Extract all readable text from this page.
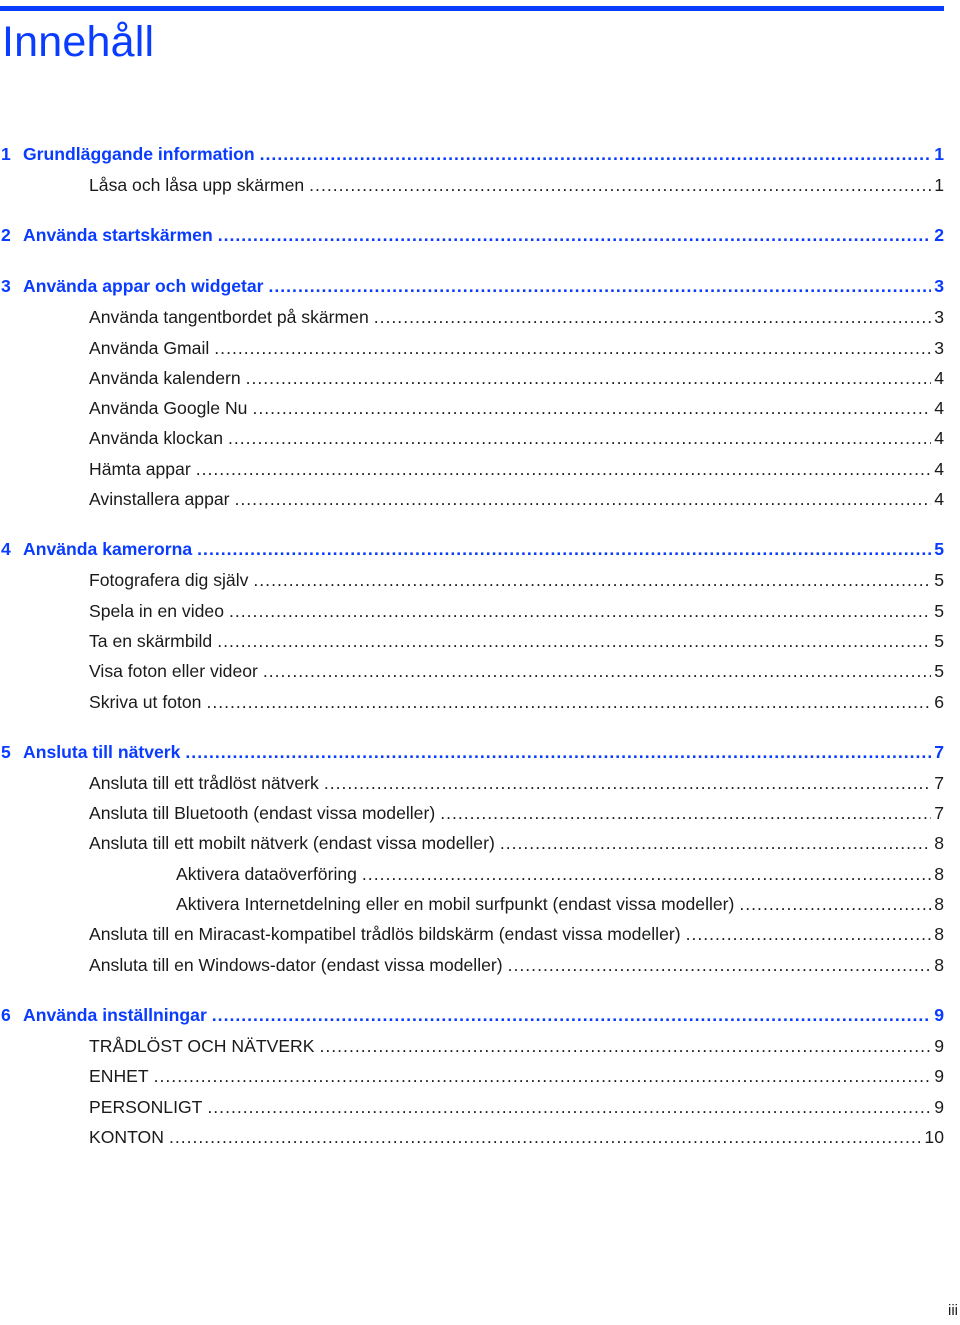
Innehåll
1 Grundläggande information .....	1
Låsa och låsa upp skärmen .....	1
2 Använda startskärmen .....	2
3 Använda appar och widgetar .....	3
Använda tangentbordet på skärmen .....	3
Använda Gmail .....	3
Använda kalendern .....	4
Använda Google Nu .....	4
Använda klockan .....	4
Hämta appar .....	4
Avinstallera appar .....	4
4 Använda kamerorna .....	5
Fotografera dig själv .....	5
Spela in en video .....	5
Ta en skärmbild .....	5
Visa foton eller videor .....	5
Skriva ut foton .....	6
5 Ansluta till nätverk .....	7
Ansluta till ett trådlöst nätverk .....	7
Ansluta till Bluetooth (endast vissa modeller) .....	7
Ansluta till ett mobilt nätverk (endast vissa modeller) .....	8
Aktivera dataöverföring .....	8
Aktivera Internetdelning eller en mobil surfpunkt (endast vissa modeller) .....	8
Ansluta till en Miracast-kompatibel trådlös bildskärm (endast vissa modeller) .....	8
Ansluta till en Windows-dator (endast vissa modeller) .....	8
6 Använda inställningar .....	9
TRÅDLÖST OCH NÄTVERK .....	9
ENHET .....	9
PERSONLIGT .....	9
KONTON .....	10
iii
